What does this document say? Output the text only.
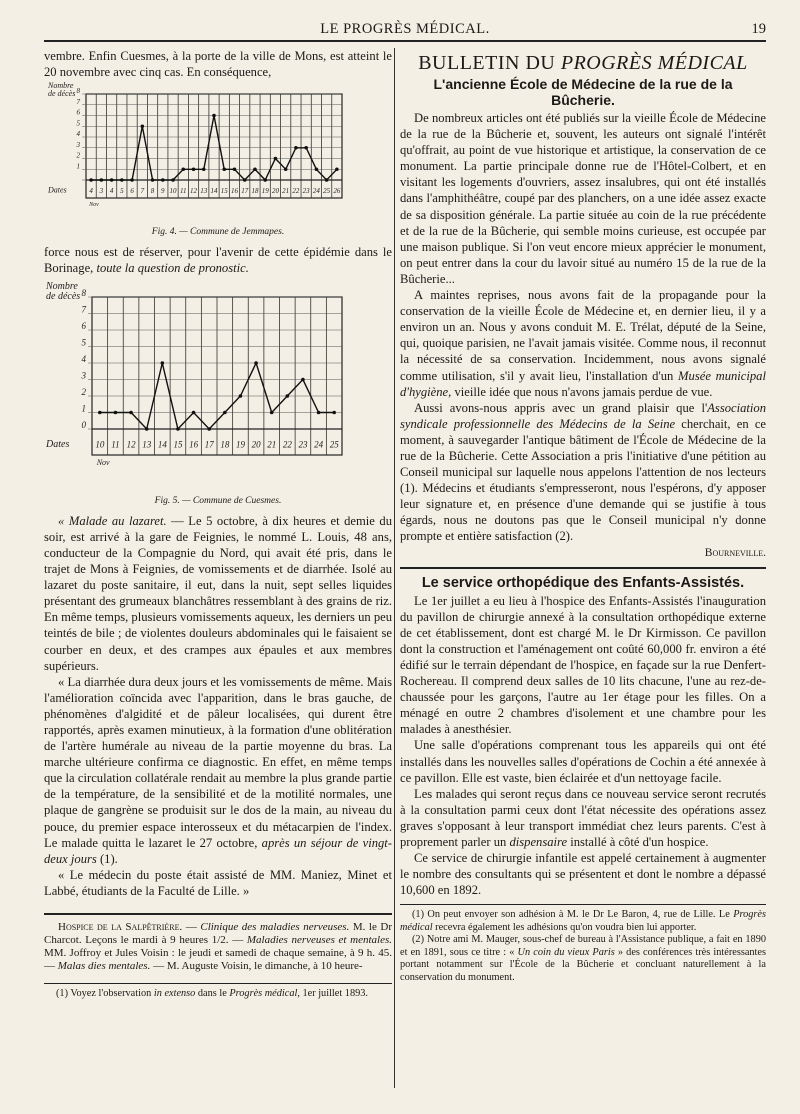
LE PROGRÈS MÉDICAL.	19

vembre. Enfin Cuesmes, à la porte de la ville de Mons, est atteint le 20 novembre avec cinq cas. En conséquence,

8
7
6
5
4
3
2
1
Nombre
de décès
Dates
Nov
4 3 4 5 6 7 8 9 10 11 12 13 14 15 16 17 18 19 20 21 22 23 24 25 26
Fig. 4. — Commune de Jemmapes.

force nous est de réserver, pour l'avenir de cette épidémie dans le Borinage, toute la question de pronostic.

8
7
6
5
4
3
2
1
0
Nombre
de décès
Dates
Nov
10 11 12 13 14 15 16 17 18 19 20 21 22 23 24 25
Fig. 5. — Commune de Cuesmes.

« Malade au lazaret. — Le 5 octobre, à dix heures et demie du soir, est arrivé à la gare de Feignies, le nommé L. Louis, 48 ans, conducteur de la Compagnie du Nord, qui avait été pris, dans le trajet de Mons à Feignies, de vomissements et de diarrhée. Isolé au lazaret du poste sanitaire, il eut, dans la nuit, sept selles liquides présentant des grumeaux blanchâtres ressemblant à des grains de riz. En même temps, plusieurs vomissements aqueux, les derniers un peu teintés de bile ; de violentes douleurs abdominales qui le faisaient se courber en deux, et des crampes aux épaules et aux membres supérieurs.

« La diarrhée dura deux jours et les vomissements de même. Mais l'amélioration coïncida avec l'apparition, dans le bras gauche, de phénomènes d'algidité et de pâleur localisées, qui durent être rapportés, après examen minutieux, à la formation d'une oblitération de l'artère humérale au niveau de la partie moyenne du bras. La marche ultérieure confirma ce diagnostic. En effet, en même temps que la circulation collatérale rendait au membre la plus grande partie de la température, de la sensibilité et de la motilité normales, une plaque de gangrène se produisit sur le dos de la main, au niveau du pouce, du premier espace interosseux et du métacarpien de l'index. Le malade quitta le lazaret le 27 octobre, après un séjour de vingt-deux jours (1).

« Le médecin du poste était assisté de MM. Maniez, Minet et Labbé, étudiants de la Faculté de Lille. »

Hospice de la Salpêtrière. — Clinique des maladies nerveuses. M. le Dr Charcot. Leçons le mardi à 9 heures 1/2. — Maladies nerveuses et mentales. MM. Joffroy et Jules Voisin : le jeudi et samedi de chaque semaine, à 9 h. 45. — Malas dies mentales. — M. Auguste Voisin, le dimanche, à 10 heure-

(1) Voyez l'observation in extenso dans le Progrès médical, 1er juillet 1893.

BULLETIN DU PROGRÈS MÉDICAL
L'ancienne École de Médecine de la rue de la Bûcherie.

De nombreux articles ont été publiés sur la vieille École de Médecine de la rue de la Bûcherie et, souvent, les auteurs ont signalé l'intérêt qu'offrait, au point de vue historique et artistique, la conservation de ce monument. La partie principale donne rue de l'Hôtel-Colbert, et en visitant les logements d'ouvriers, assez insalubres, qui ont été installés dans l'amphithéâtre, coupé par des planchers, on a une idée assez exacte de sa disposition générale. La partie située au coin de la rue précédente et de la rue de la Bûcherie, qui semble moins curieuse, est occupée par une maison publique. Si l'on veut encore mieux apprécier le monument, on peut entrer dans la cour du lavoir situé au numéro 15 de la rue de la Bûcherie...

A maintes reprises, nous avons fait de la propagande pour la conservation de la vieille École de Médecine et, en dernier lieu, il y a environ un an. Nous y avons conduit M. E. Trélat, député de la Seine, qui, quoique parisien, ne l'avait jamais visitée. Comme nous, il reconnut la nécessité de sa conservation. Incidemment, nous avons signalé comme utilisation, s'il y avait lieu, l'installation d'un Musée municipal d'hygiène, vieille idée que nous n'avons jamais perdue de vue.

Aussi avons-nous appris avec un grand plaisir que l'Association syndicale professionnelle des Médecins de la Seine cherchait, en ce moment, à sauvegarder l'antique bâtiment de l'École de Médecine de la rue de la Bûcherie. Cette Association a pris l'initiative d'une pétition au Conseil municipal sur laquelle nous appelons l'attention de nos lecteurs (1). Médecins et étudiants s'empresseront, nous l'espérons, d'y apposer leur signature et, en présence d'une demande qui se justifie à tous égards, nous ne doutons pas que le Conseil municipal n'y donne prompte et entière satisfaction (2).

Bourneville.
Le service orthopédique des Enfants-Assistés.

Le 1er juillet a eu lieu à l'hospice des Enfants-Assistés l'inauguration du pavillon de chirurgie annexé à la consultation orthopédique externe de cet établissement, dont est chargé M. le Dr Kirmisson. Ce pavillon dont la construction et l'aménagement ont coûté 60,000 fr. environ a été édifié sur le terrain dépendant de l'hospice, en façade sur la rue Denfert-Rochereau. Il comprend deux salles de 10 lits chacune, l'une au rez-de-chaussée pour les garçons, l'autre au 1er étage pour les filles. On a ménagé en outre 2 chambres d'isolement et une chambre pour les malades à anesthésier.

Une salle d'opérations comprenant tous les appareils qui ont été installés dans les nouvelles salles d'opérations de Cochin a été annexée à ce pavillon. Elle est vaste, bien éclairée et d'un nettoyage facile.

Les malades qui seront reçus dans ce nouveau service seront recrutés à la consultation parmi ceux dont l'état nécessite des opérations assez graves s'opposant à leur transport immédiat chez leurs parents. C'est à proprement parler un dispensaire installé à côté d'un hospice.

Ce service de chirurgie infantile est appelé certainement à augmenter le nombre des consultants qui se présentent et dont le nombre a dépassé 10,600 en 1892.

(1) On peut envoyer son adhésion à M. le Dr Le Baron, 4, rue de Lille. Le Progrès médical recevra également les adhésions qu'on voudra bien lui apporter.

(2) Notre ami M. Mauger, sous-chef de bureau à l'Assistance publique, a fait en 1890 et en 1891, sous ce titre : « Un coin du vieux Paris » des conférences très intéressantes portant notamment sur l'École de la Bûcherie et concluant naturellement à la conservation du monument.
